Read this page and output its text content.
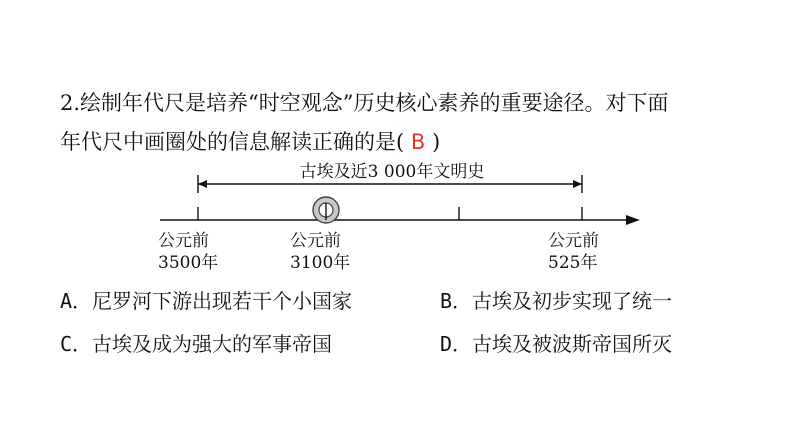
2.绘制年代尺是培养“时空观念”历史核心素养的重要途径。对下面
年代尺中画圈处的信息解读正确的是( B )
古埃及近3 000年文明史
公元前
3500年
公元前
3100年
公元前
525年
A．尼罗河下游出现若干个小国家	B．古埃及初步实现了统一
C．古埃及成为强大的军事帝国	D．古埃及被波斯帝国所灭
